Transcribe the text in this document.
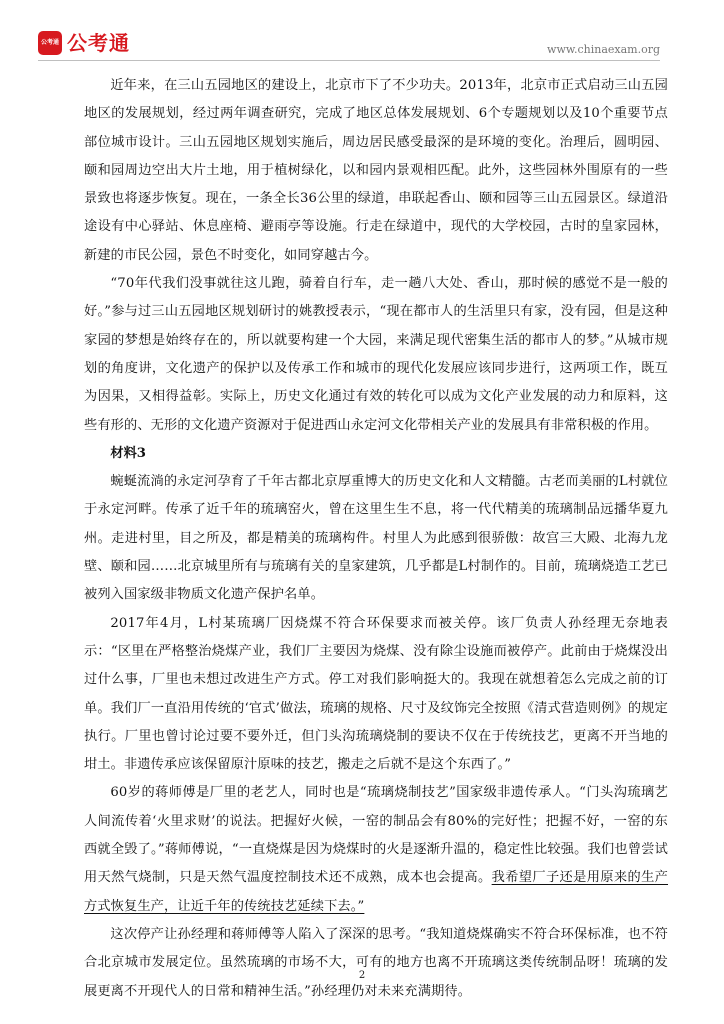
公考通 公考通	www.chinaexam.org

近年来，在三山五园地区的建设上，北京市下了不少功夫。2013年，北京市正式启动三山五园地区的发展规划，经过两年调查研究，完成了地区总体发展规划、6个专题规划以及10个重要节点部位城市设计。三山五园地区规划实施后，周边居民感受最深的是环境的变化。治理后，圆明园、颐和园周边空出大片土地，用于植树绿化，以和园内景观相匹配。此外，这些园林外围原有的一些景致也将逐步恢复。现在，一条全长36公里的绿道，串联起香山、颐和园等三山五园景区。绿道沿途设有中心驿站、休息座椅、避雨亭等设施。行走在绿道中，现代的大学校园，古时的皇家园林，新建的市民公园，景色不时变化，如同穿越古今。

“70年代我们没事就往这儿跑，骑着自行车，走一趟八大处、香山，那时候的感觉不是一般的好。”参与过三山五园地区规划研讨的姚教授表示，“现在都市人的生活里只有家，没有园，但是这种家园的梦想是始终存在的，所以就要构建一个大园，来满足现代密集生活的都市人的梦。”从城市规划的角度讲，文化遗产的保护以及传承工作和城市的现代化发展应该同步进行，这两项工作，既互为因果，又相得益彰。实际上，历史文化通过有效的转化可以成为文化产业发展的动力和原料，这些有形的、无形的文化遗产资源对于促进西山永定河文化带相关产业的发展具有非常积极的作用。

材料3

蜿蜒流淌的永定河孕育了千年古都北京厚重博大的历史文化和人文精髓。古老而美丽的L村就位于永定河畔。传承了近千年的琉璃窑火，曾在这里生生不息，将一代代精美的琉璃制品远播华夏九州。走进村里，目之所及，都是精美的琉璃构件。村里人为此感到很骄傲：故宫三大殿、北海九龙壁、颐和园……北京城里所有与琉璃有关的皇家建筑，几乎都是L村制作的。目前，琉璃烧造工艺已被列入国家级非物质文化遗产保护名单。

2017年4月，L村某琉璃厂因烧煤不符合环保要求而被关停。该厂负责人孙经理无奈地表示：“区里在严格整治烧煤产业，我们厂主要因为烧煤、没有除尘设施而被停产。此前由于烧煤没出过什么事，厂里也未想过改进生产方式。停工对我们影响挺大的。我现在就想着怎么完成之前的订单。我们厂一直沿用传统的‘官式’做法，琉璃的规格、尺寸及纹饰完全按照《清式营造则例》的规定执行。厂里也曾讨论过要不要外迁，但门头沟琉璃烧制的要诀不仅在于传统技艺，更离不开当地的坩土。非遗传承应该保留原汁原味的技艺，搬走之后就不是这个东西了。”

60岁的蒋师傅是厂里的老艺人，同时也是“琉璃烧制技艺”国家级非遗传承人。“门头沟琉璃艺人间流传着‘火里求财’的说法。把握好火候，一窑的制品会有80%的完好性；把握不好，一窑的东西就全毁了。”蒋师傅说，“一直烧煤是因为烧煤时的火是逐渐升温的，稳定性比较强。我们也曾尝试用天然气烧制，只是天然气温度控制技术还不成熟，成本也会提高。我希望厂子还是用原来的生产方式恢复生产，让近千年的传统技艺延续下去。”

这次停产让孙经理和蒋师傅等人陷入了深深的思考。“我知道烧煤确实不符合环保标准，也不符合北京城市发展定位。虽然琉璃的市场不大，可有的地方也离不开琉璃这类传统制品呀！琉璃的发展更离不开现代人的日常和精神生活。”孙经理仍对未来充满期待。

2
